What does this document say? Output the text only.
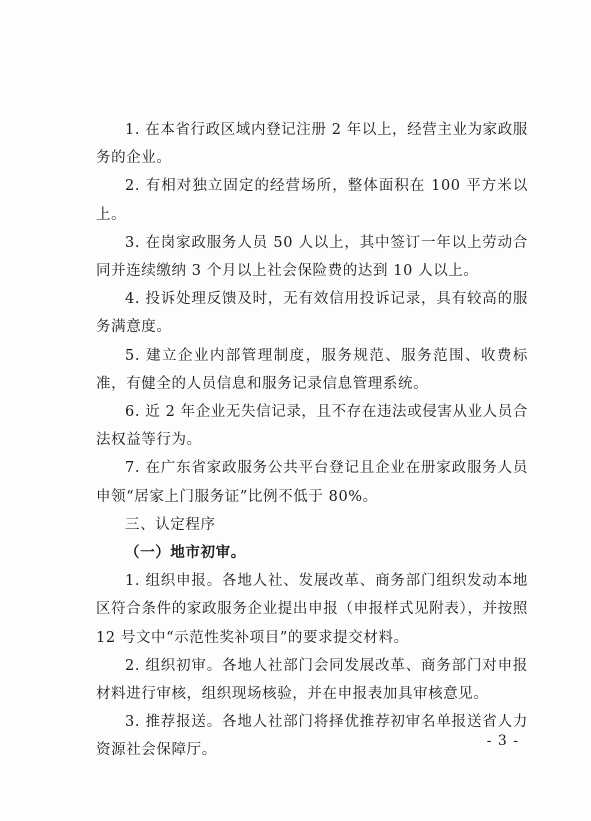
1. 在本省行政区域内登记注册 2 年以上，经营主业为家政服务的企业。

2. 有相对独立固定的经营场所，整体面积在 100 平方米以上。

3. 在岗家政服务人员 50 人以上，其中签订一年以上劳动合同并连续缴纳 3 个月以上社会保险费的达到 10 人以上。

4. 投诉处理反馈及时，无有效信用投诉记录，具有较高的服务满意度。

5. 建立企业内部管理制度，服务规范、服务范围、收费标准，有健全的人员信息和服务记录信息管理系统。

6. 近 2 年企业无失信记录，且不存在违法或侵害从业人员合法权益等行为。

7. 在广东省家政服务公共平台登记且企业在册家政服务人员申领“居家上门服务证”比例不低于 80%。

三、认定程序

（一）地市初审。

1. 组织申报。各地人社、发展改革、商务部门组织发动本地区符合条件的家政服务企业提出申报（申报样式见附表），并按照 12 号文中“示范性奖补项目”的要求提交材料。

2. 组织初审。各地人社部门会同发展改革、商务部门对申报材料进行审核，组织现场核验，并在申报表加具审核意见。

3. 推荐报送。各地人社部门将择优推荐初审名单报送省人力资源社会保障厅。

- 3 -
